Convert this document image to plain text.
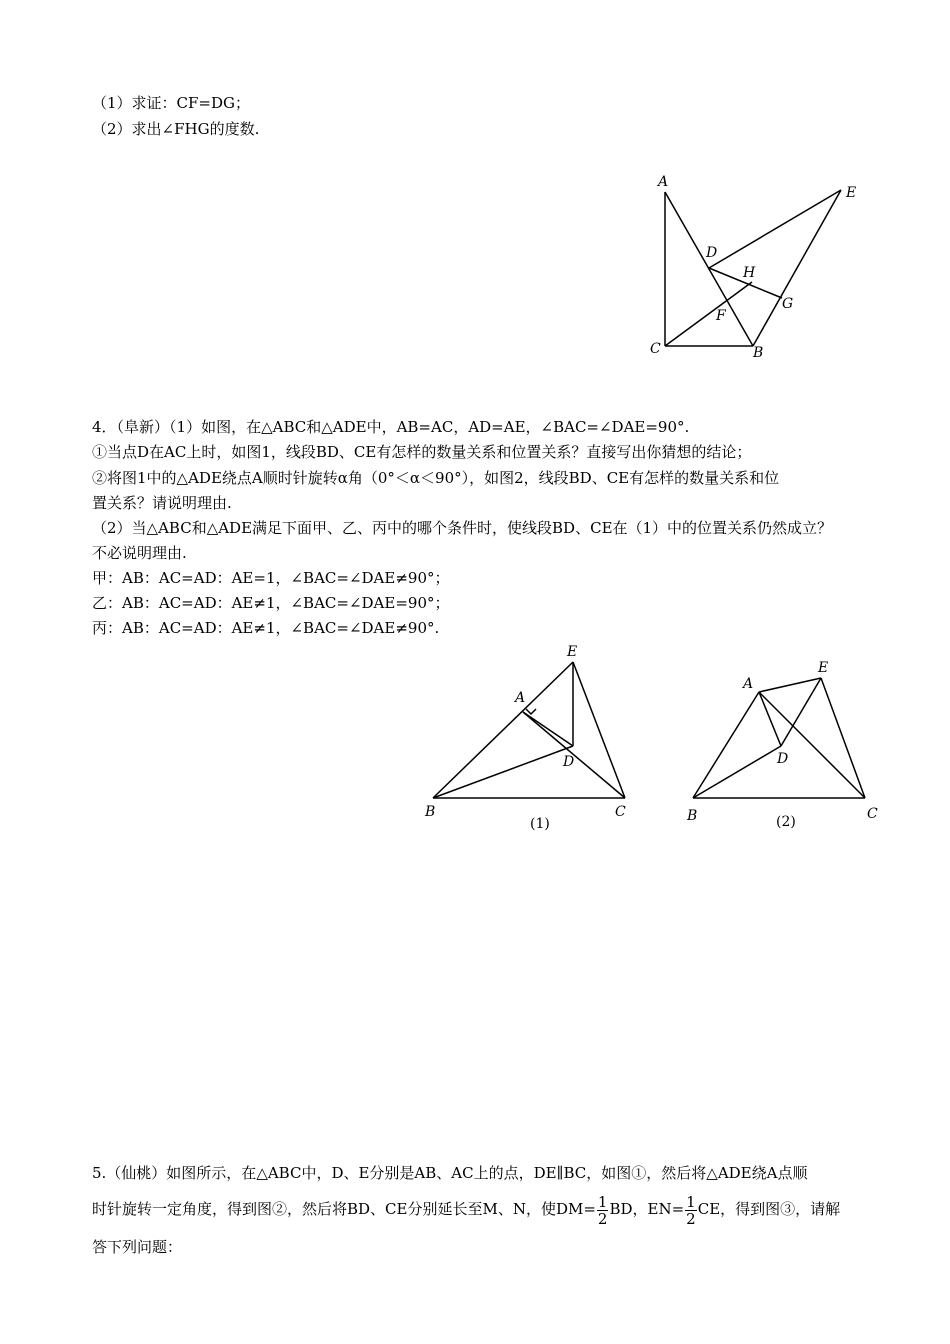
（1）求证：CF=DG；
（2）求出∠FHG的度数.
A
C	B
E
D
H
G
F
4．（阜新）（1）如图，在△ABC和△ADE中，AB=AC，AD=AE，∠BAC=∠DAE=90°.
①当点D在AC上时，如图1，线段BD、CE有怎样的数量关系和位置关系？直接写出你猜想的结论；
②将图1中的△ADE绕点A顺时针旋转α角（0°＜α＜90°），如图2，线段BD、CE有怎样的数量关系和位
置关系？请说明理由.
（2）当△ABC和△ADE满足下面甲、乙、丙中的哪个条件时，使线段BD、CE在（1）中的位置关系仍然成立？
不必说明理由.
甲：AB：AC=AD：AE=1，∠BAC=∠DAE≠90°；
乙：AB：AC=AD：AE≠1，∠BAC=∠DAE=90°；
丙：AB：AC=AD：AE≠1，∠BAC=∠DAE≠90°.
A
E
D
B	C
(1)
A
E
D
B	C
(2)
5.（仙桃）如图所示，在△ABC中，D、E分别是AB、AC上的点，DE∥BC，如图①，然后将△ADE绕A点顺
时针旋转一定角度，得到图②，然后将BD、CE分别延长至M、N，使$DM= \frac{1}{2}$ BD，$EN= \frac{1}{2}$ CE，得到图③，请解
答下列问题：
